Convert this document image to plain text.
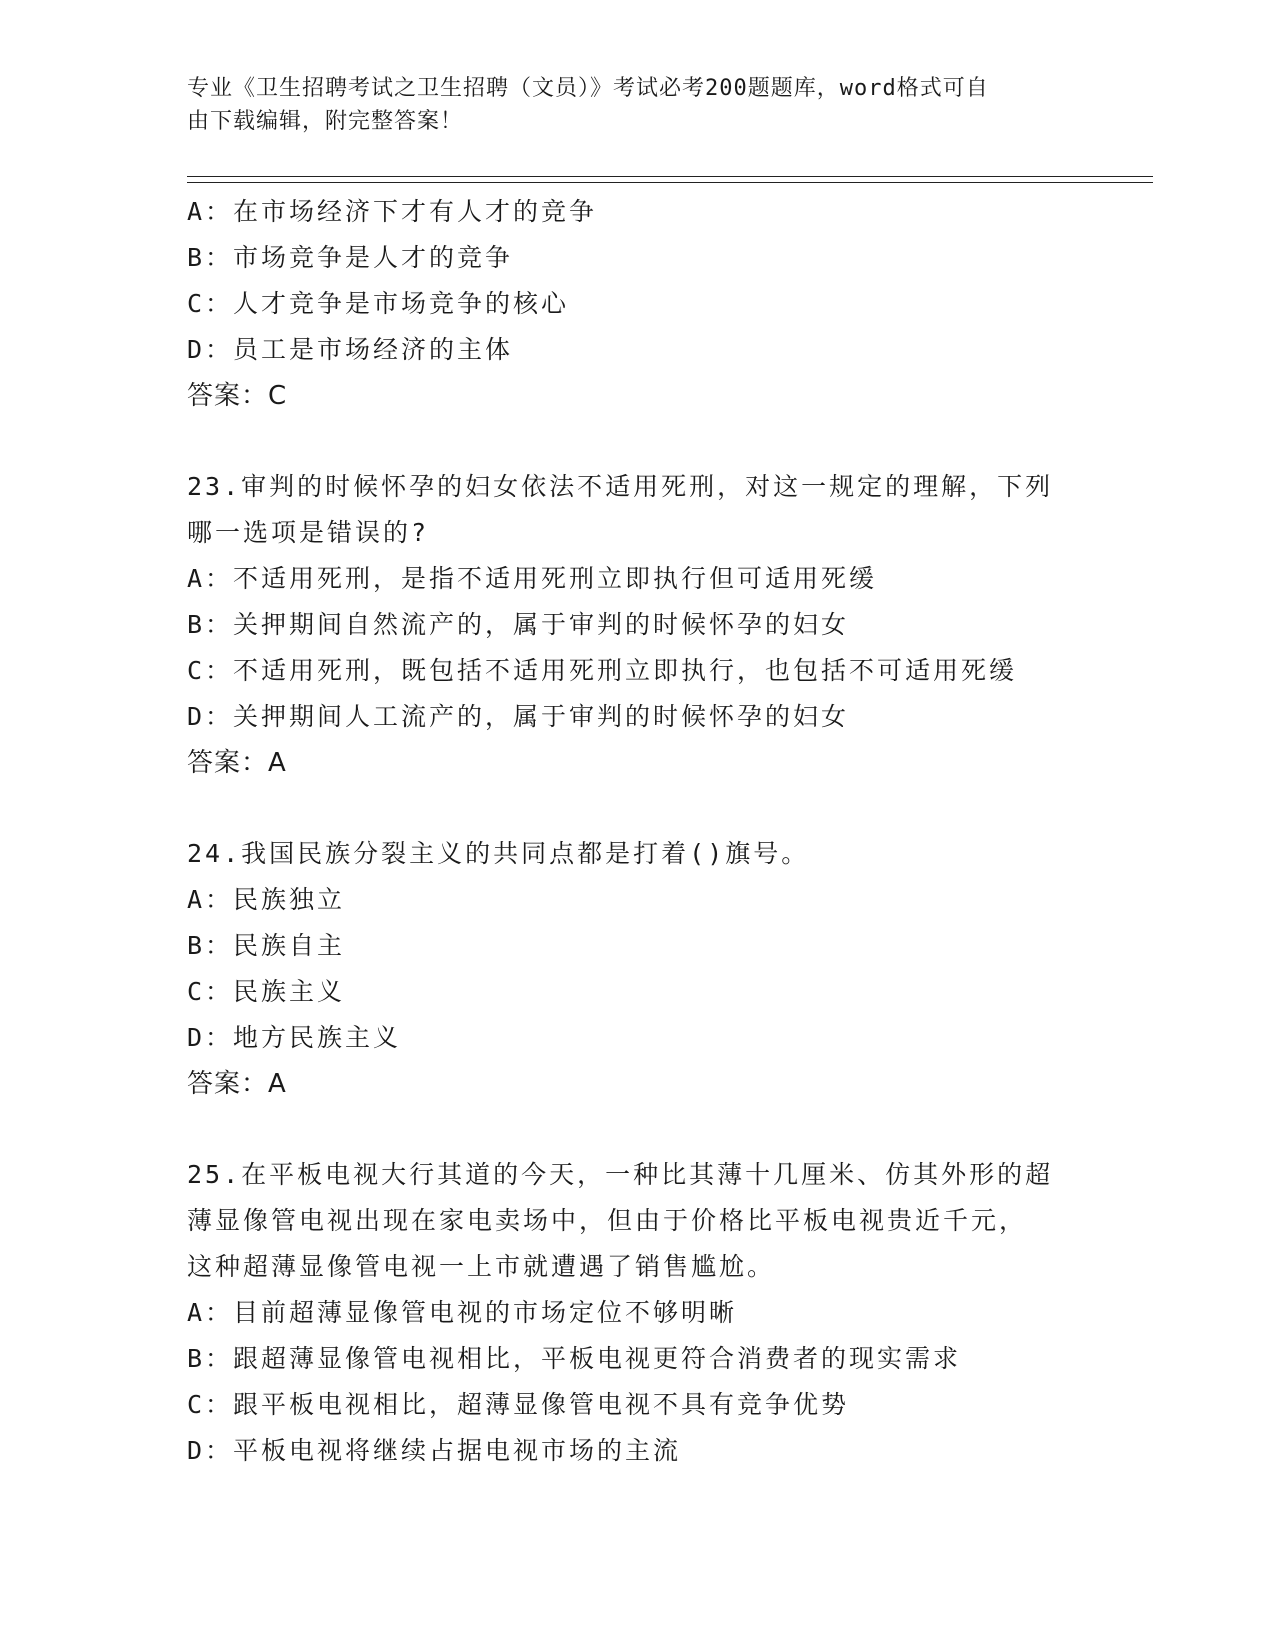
专业《卫生招聘考试之卫生招聘（文员）》考试必考200题题库，word格式可自
由下载编辑，附完整答案！
A：在市场经济下才有人才的竞争
B：市场竞争是人才的竞争
C：人才竞争是市场竞争的核心
D：员工是市场经济的主体
答案：C
23.审判的时候怀孕的妇女依法不适用死刑，对这一规定的理解，下列
哪一选项是错误的?
A：不适用死刑，是指不适用死刑立即执行但可适用死缓
B：关押期间自然流产的，属于审判的时候怀孕的妇女
C：不适用死刑，既包括不适用死刑立即执行，也包括不可适用死缓
D：关押期间人工流产的，属于审判的时候怀孕的妇女
答案：A
24.我国民族分裂主义的共同点都是打着()旗号。
A：民族独立
B：民族自主
C：民族主义
D：地方民族主义
答案：A
25.在平板电视大行其道的今天，一种比其薄十几厘米、仿其外形的超
薄显像管电视出现在家电卖场中，但由于价格比平板电视贵近千元，
这种超薄显像管电视一上市就遭遇了销售尴尬。
A：目前超薄显像管电视的市场定位不够明晰
B：跟超薄显像管电视相比，平板电视更符合消费者的现实需求
C：跟平板电视相比，超薄显像管电视不具有竞争优势
D：平板电视将继续占据电视市场的主流
